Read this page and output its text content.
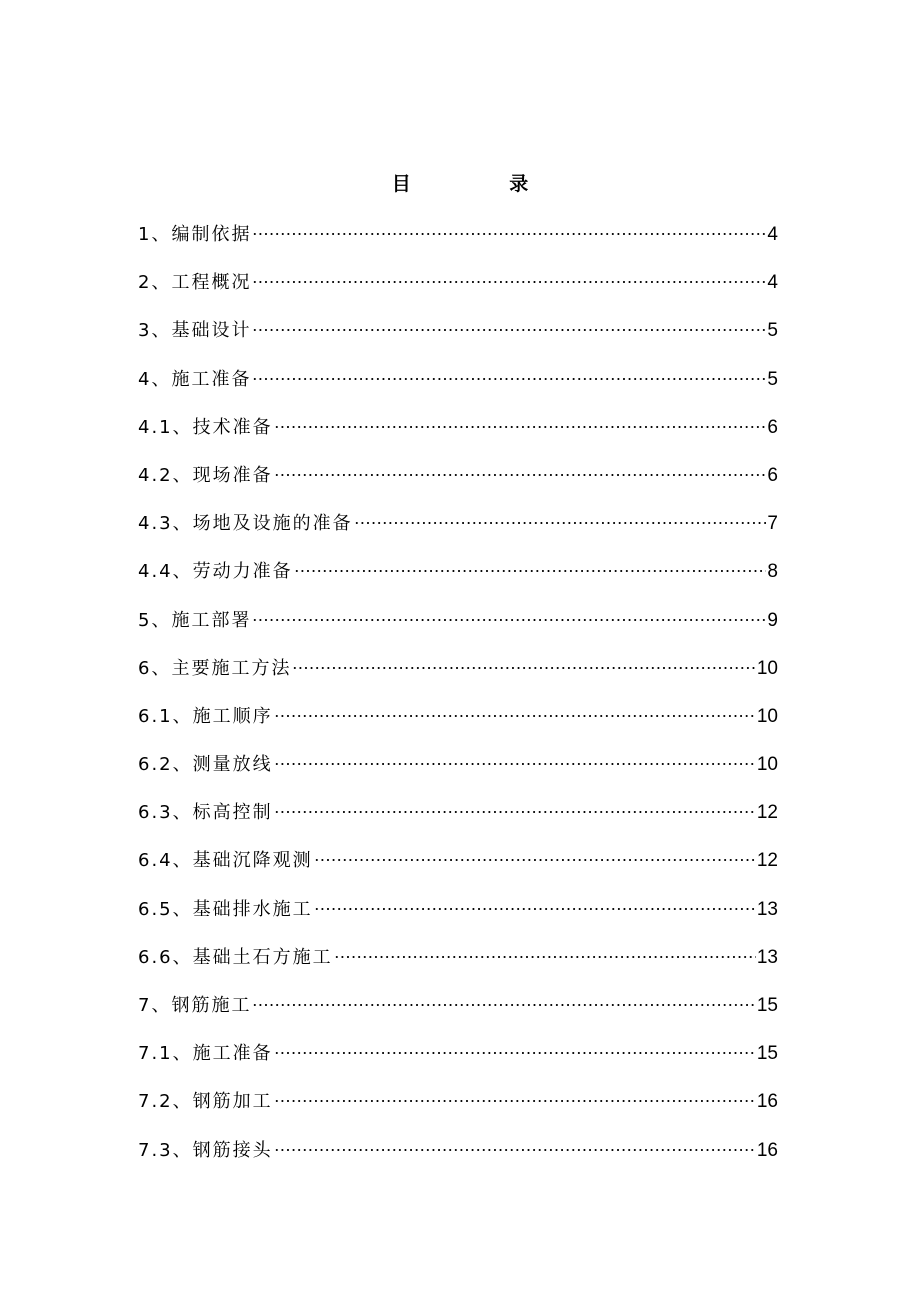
目 录
1、编制依据	4
2、工程概况	4
3、基础设计	5
4、施工准备	5
4.1、技术准备	6
4.2、现场准备	6
4.3、场地及设施的准备	7
4.4、劳动力准备	8
5、施工部署	9
6、主要施工方法	10
6.1、施工顺序	10
6.2、测量放线	10
6.3、标高控制	12
6.4、基础沉降观测	12
6.5、基础排水施工	13
6.6、基础土石方施工	13
7、钢筋施工	15
7.1、施工准备	15
7.2、钢筋加工	16
7.3、钢筋接头	16
